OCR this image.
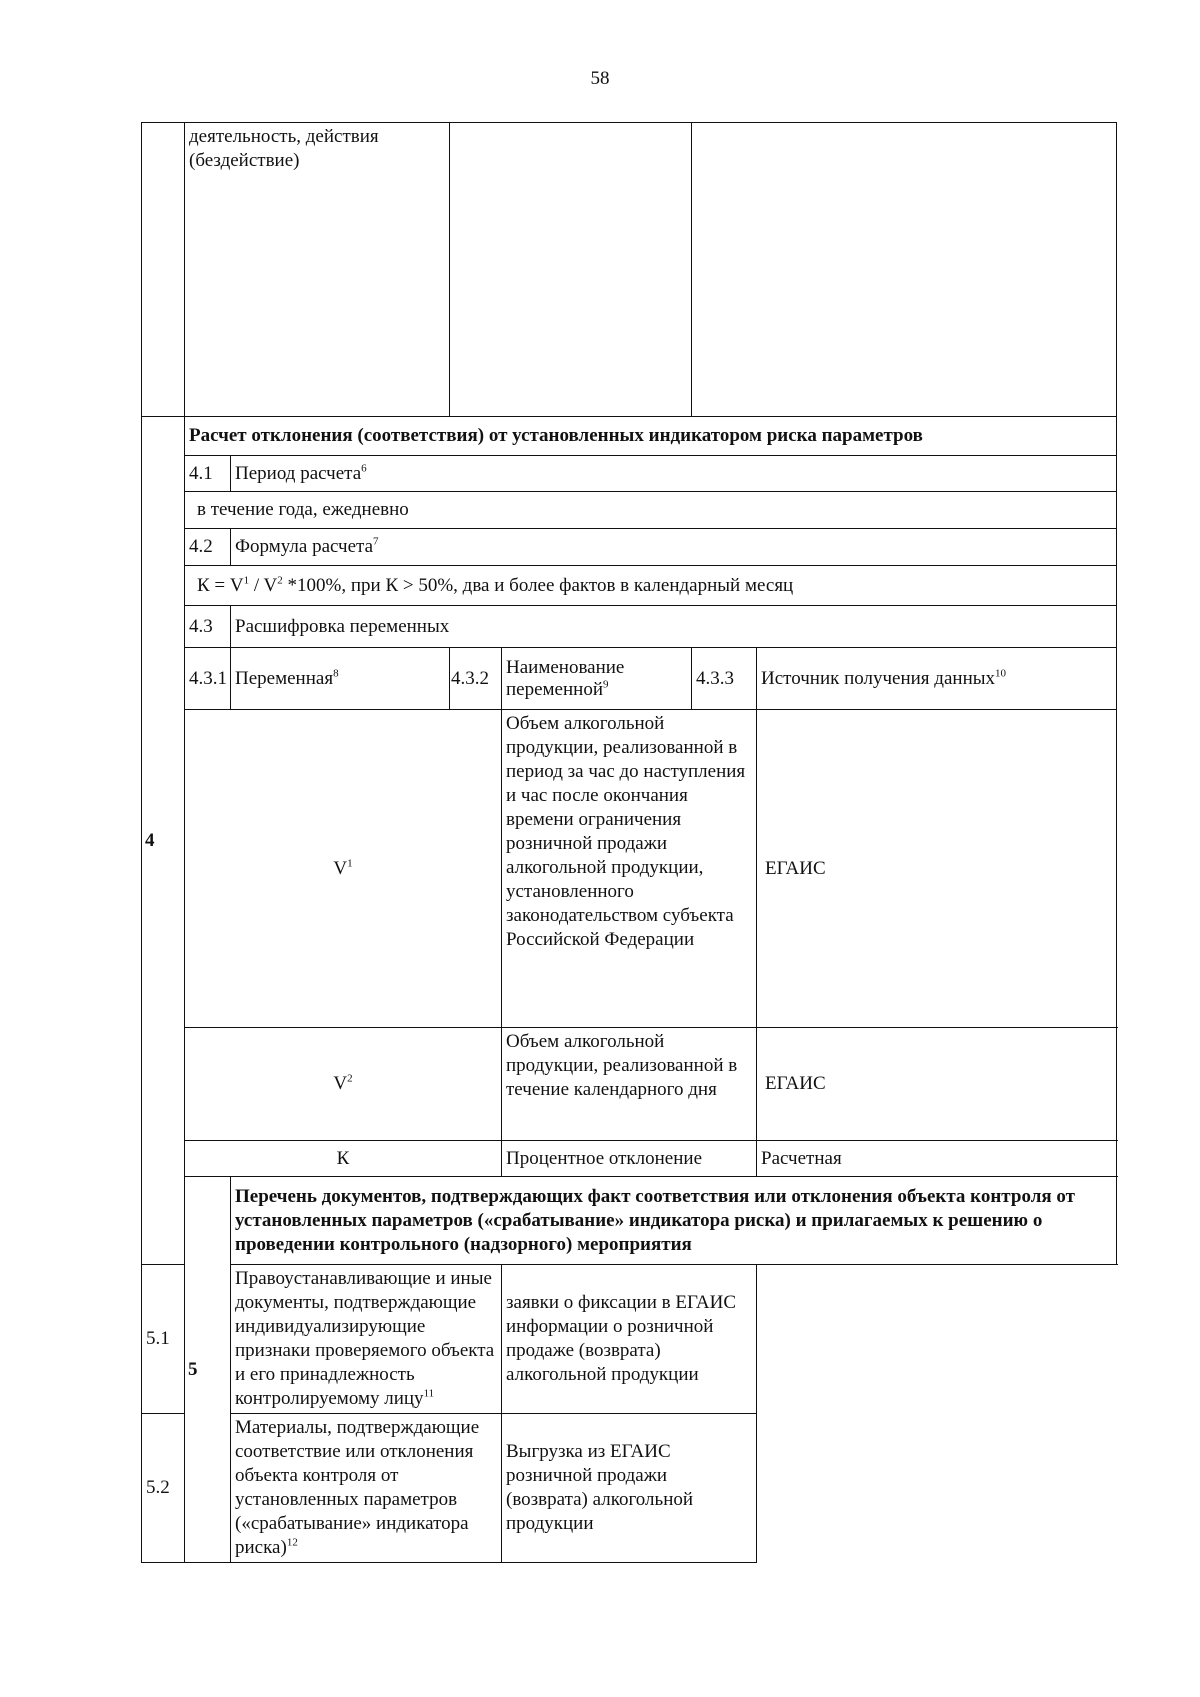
58
	деятельность, действия (бездействие)					
4	Расчет отклонения (соответствия) от установленных индикатором риска параметров					
	4.1	Период расчета$^6$
	в течение года, ежедневно					
	4.2	Формула расчета$^7$
	$К = V^1 / V^2$ *100%, при К > 50%, два и более фактов в календарный месяц					
	4.3	Расшифровка переменных				
	4.3.1	Переменная$^8$	4.3.2	Наименование переменной$^9$	4.3.3	Источник получения данных$^{10}$
	$V^1$			Объем алкогольной продукции, реализованной в период за час до наступления и час после окончания времени ограничения розничной продажи алкогольной продукции, установленного законодательством субъекта Российской Федерации		ЕГАИС
	$V^2$			Объем алкогольной продукции, реализованной в течение календарного дня		ЕГАИС
	К			Процентное отклонение		Расчетная
	5	Перечень документов, подтверждающих факт соответствия или отклонения объекта контроля от установленных параметров («срабатывание» индикатора риска) и прилагаемых к решению о проведении контрольного (надзорного) мероприятия				
5.1		Правоустанавливающие и иные документы, подтверждающие индивидуализирующие признаки проверяемого объекта и его принадлежность контролируемому лицу$^{11}$		заявки о фиксации в ЕГАИС информации о розничной продаже (возврата) алкогольной продукции		
5.2		Материалы, подтверждающие соответствие или отклонения объекта контроля от установленных параметров («срабатывание» индикатора риска)$^{12}$		Выгрузка из ЕГАИС розничной продажи (возврата) алкогольной продукции		
